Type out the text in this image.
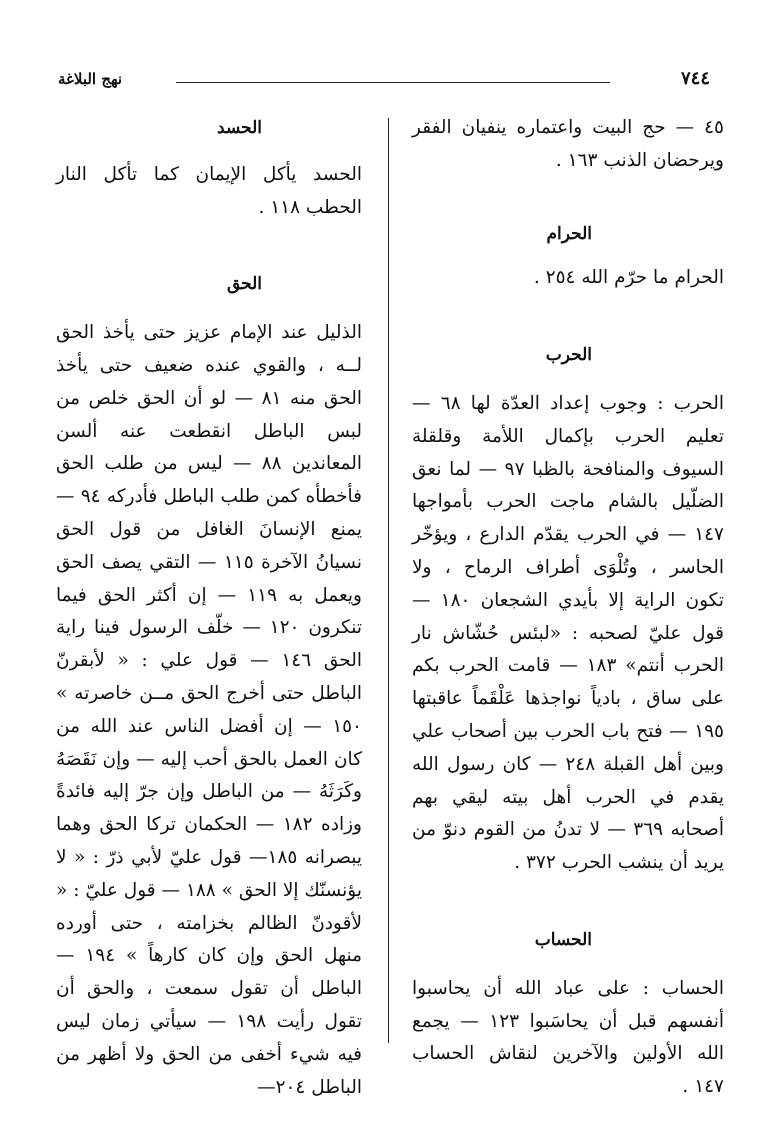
٧٤٤
نهج البلاغة

٤٥ — حج البيت واعتماره ينفيان الفقر ويرحضان الذنب ١٦٣ .

الحرام

الحرام ما حرّم الله ٢٥٤ .

الحرب

الحرب : وجوب إعداد العدّة لها ٦٨ — تعليم الحرب بإكمال اللأمة وقلقلة السيوف والمنافحة بالظبا ٩٧ — لما نعق الضلّيل بالشام ماجت الحرب بأمواجها ١٤٧ — في الحرب يقدّم الدارع ، ويؤخّر الحاسر ، وتُلْوَى أطراف الرماح ، ولا تكون الراية إلا بأيدي الشجعان ١٨٠ — قول عليّ لصحبه : «لبئس حُشّاش نار الحرب أنتم» ١٨٣ — قامت الحرب بكم على ساق ، بادياً نواجذها عَلْقَماً عاقبتها ١٩٥ — فتح باب الحرب بين أصحاب علي وبين أهل القبلة ٢٤٨ — كان رسول الله يقدم في الحرب أهل بيته ليقي بهم أصحابه ٣٦٩ — لا تدنُ من القوم دنوّ من يريد أن ينشب الحرب ٣٧٢ .

الحساب

الحساب : على عباد الله أن يحاسبوا أنفسهم قبل أن يحاسَبوا ١٢٣ — يجمع الله الأولين والآخرين لنقاش الحساب ١٤٧ .

الحسد

الحسد يأكل الإيمان كما تأكل النار الحطب ١١٨ .

الحق

الذليل عند الإمام عزيز حتى يأخذ الحق لــه ، والقوي عنده ضعيف حتى يأخذ الحق منه ٨١ — لو أن الحق خلص من لبس الباطل انقطعت عنه ألسن المعاندين ٨٨ — ليس من طلب الحق فأخطأه كمن طلب الباطل فأدركه ٩٤ — يمنع الإنسانَ الغافل من قول الحق نسيانُ الآخرة ١١٥ — التقي يصف الحق ويعمل به ١١٩ — إن أكثر الحق فيما تنكرون ١٢٠ — خلّف الرسول فينا راية الحق ١٤٦ — قول علي : « لأبقرنّ الباطل حتى أخرج الحق مــن خاصرته » ١٥٠ — إن أفضل الناس عند الله من كان العمل بالحق أحب إليه — وإن نَقَصَهُ وكَرَثَهُ — من الباطل وإن جرّ إليه فائدةً وزاده ١٨٢ — الحكمان تركا الحق وهما يبصرانه ١٨٥— قول عليّ لأبي ذرّ : « لا يؤنسنّك إلا الحق » ١٨٨ — قول عليّ : « لأقودنّ الظالم بخزامته ، حتى أورده منهل الحق وإن كان كارهاً » ١٩٤ — الباطل أن تقول سمعت ، والحق أن تقول رأيت ١٩٨ — سيأتي زمان ليس فيه شيء أخفى من الحق ولا أظهر من الباطل ٢٠٤—
